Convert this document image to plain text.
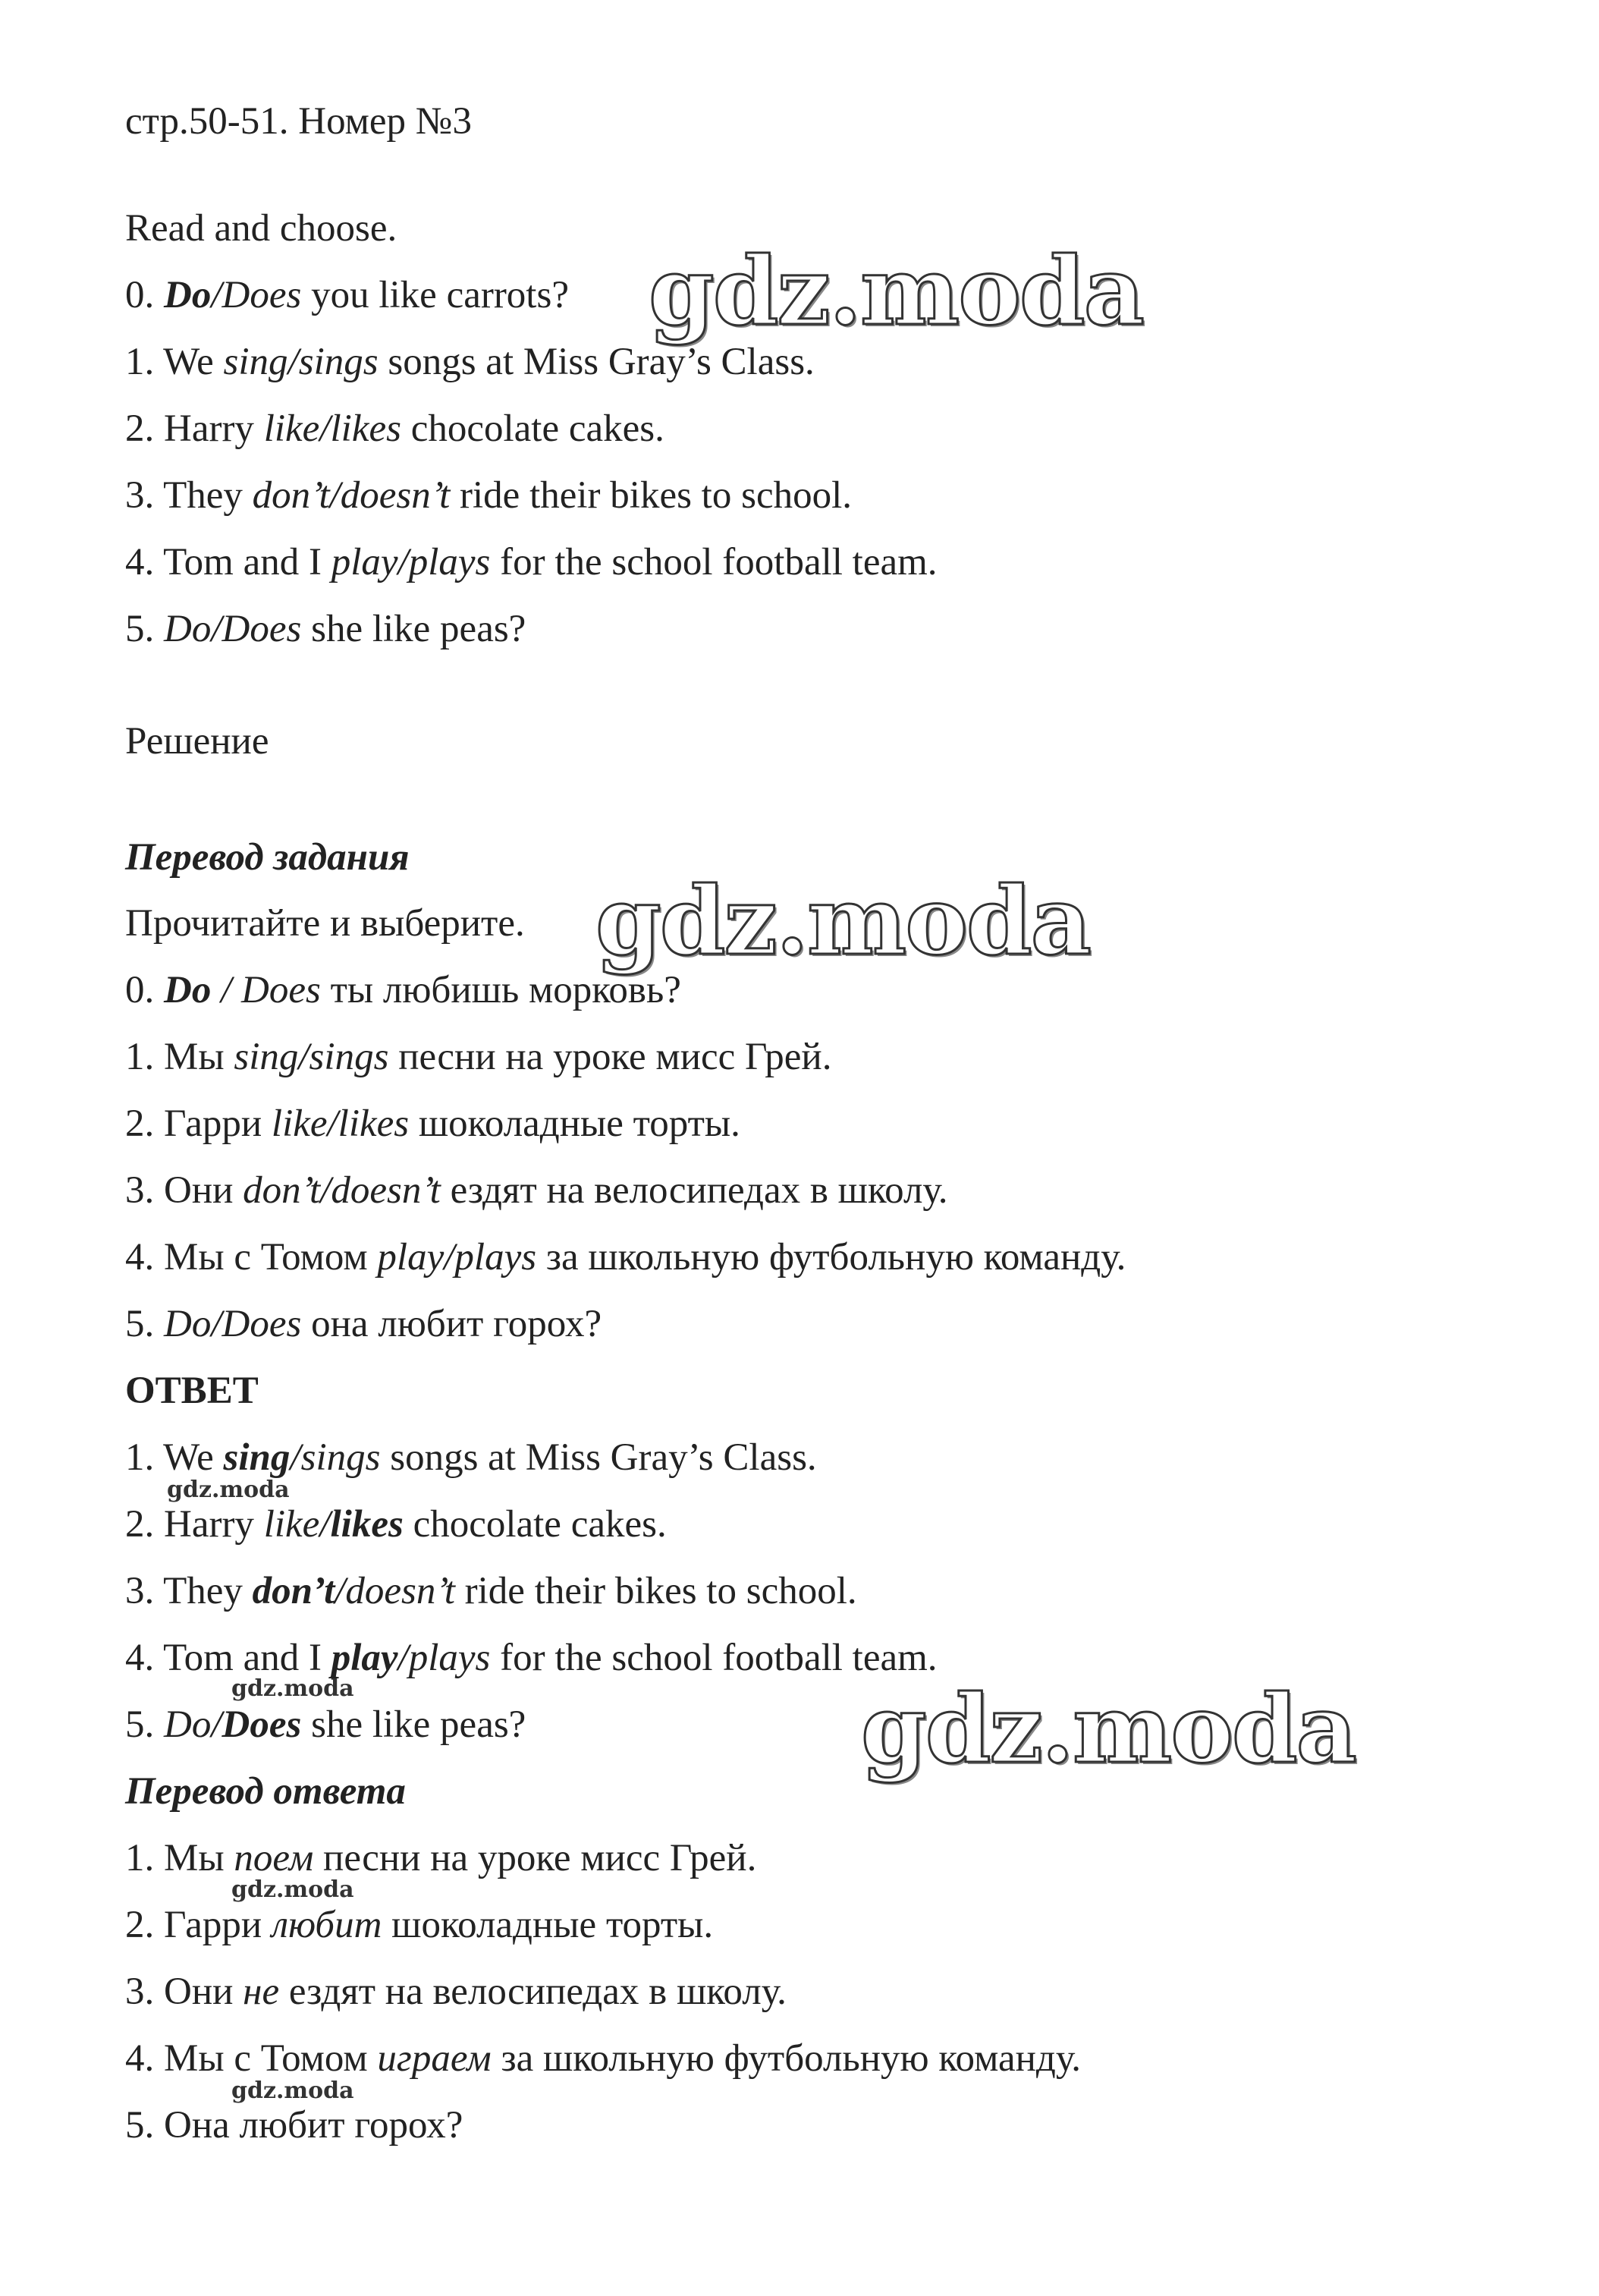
стр.50-51. Номер №3

Read and choose.

0. Do/Does you like carrots?

1. We sing/sings songs at Miss Gray’s Class.

2. Harry like/likes chocolate cakes.

3. They don’t/doesn’t ride their bikes to school.

4. Tom and I play/plays for the school football team.

5. Do/Does she like peas?

Решение

Перевод задания

Прочитайте и выберите.

0. Do / Does ты любишь морковь?

1. Мы sing/sings песни на уроке мисс Грей.

2. Гарри like/likes шоколадные торты.

3. Они don’t/doesn’t ездят на велосипедах в школу.

4. Мы с Томом play/plays за школьную футбольную команду.

5. Do/Does она любит горох?

ОТВЕТ

1. We sing/sings songs at Miss Gray’s Class.

2. Harry like/likes chocolate cakes.

3. They don’t/doesn’t ride their bikes to school.

4. Tom and I play/plays for the school football team.

5. Do/Does she like peas?

Перевод ответа

1. Мы поем песни на уроке мисс Грей.

2. Гарри любит шоколадные торты.

3. Они не ездят на велосипедах в школу.

4. Мы с Томом играем за школьную футбольную команду.

5. Она любит горох?

gdz.moda
gdz.moda
gdz.moda
gdz.moda
gdz.moda
gdz.moda
gdz.moda
